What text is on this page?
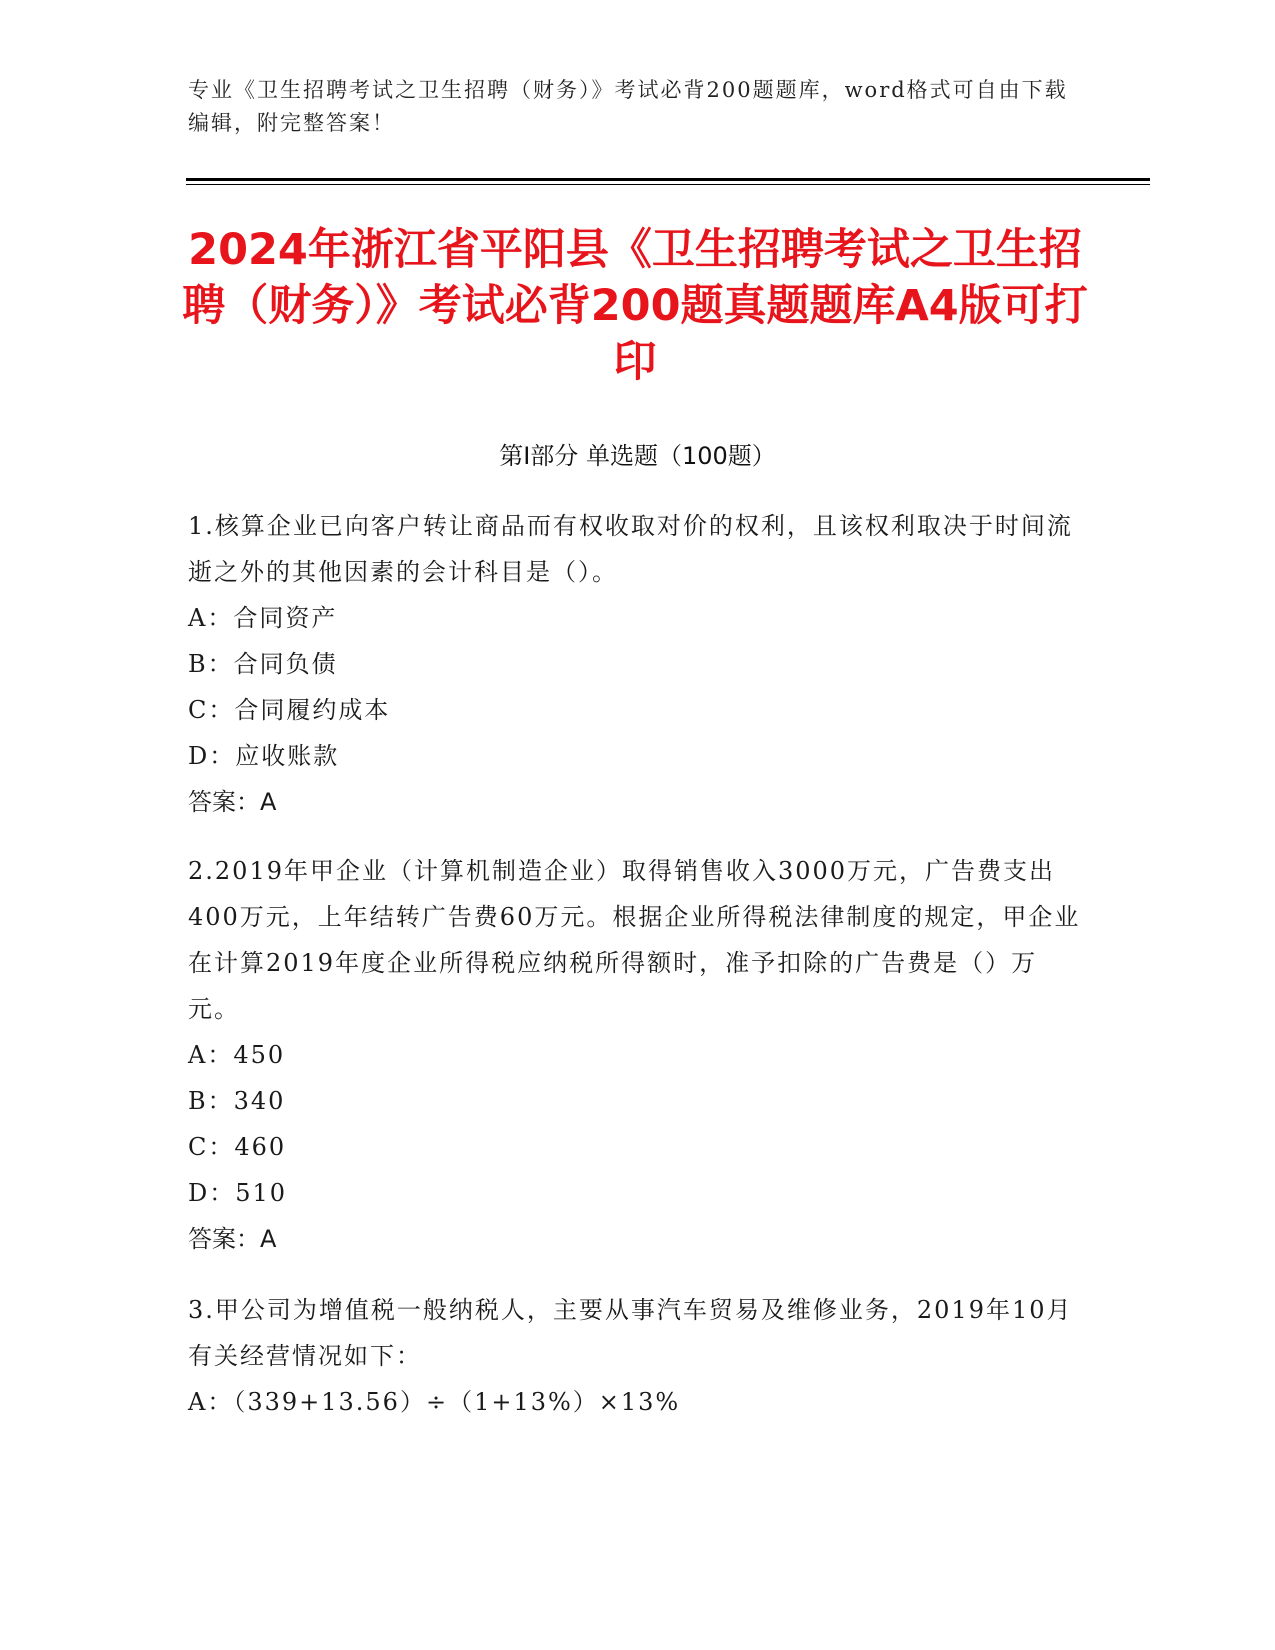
专业《卫生招聘考试之卫生招聘（财务）》考试必背200题题库，word格式可自由下载编辑，附完整答案！
2024年浙江省平阳县《卫生招聘考试之卫生招聘（财务）》考试必背200题真题题库A4版可打印
第I部分 单选题（100题）

1.核算企业已向客户转让商品而有权收取对价的权利，且该权利取决于时间流逝之外的其他因素的会计科目是（）。

A：合同资产

B：合同负债

C：合同履约成本

D：应收账款

答案：A

2.2019年甲企业（计算机制造企业）取得销售收入3000万元，广告费支出400万元，上年结转广告费60万元。根据企业所得税法律制度的规定，甲企业在计算2019年度企业所得税应纳税所得额时，准予扣除的广告费是（）万元。

A：450

B：340

C：460

D：510

答案：A

3.甲公司为增值税一般纳税人，主要从事汽车贸易及维修业务，2019年10月有关经营情况如下：

A：（339+13.56）÷（1+13%）×13%
